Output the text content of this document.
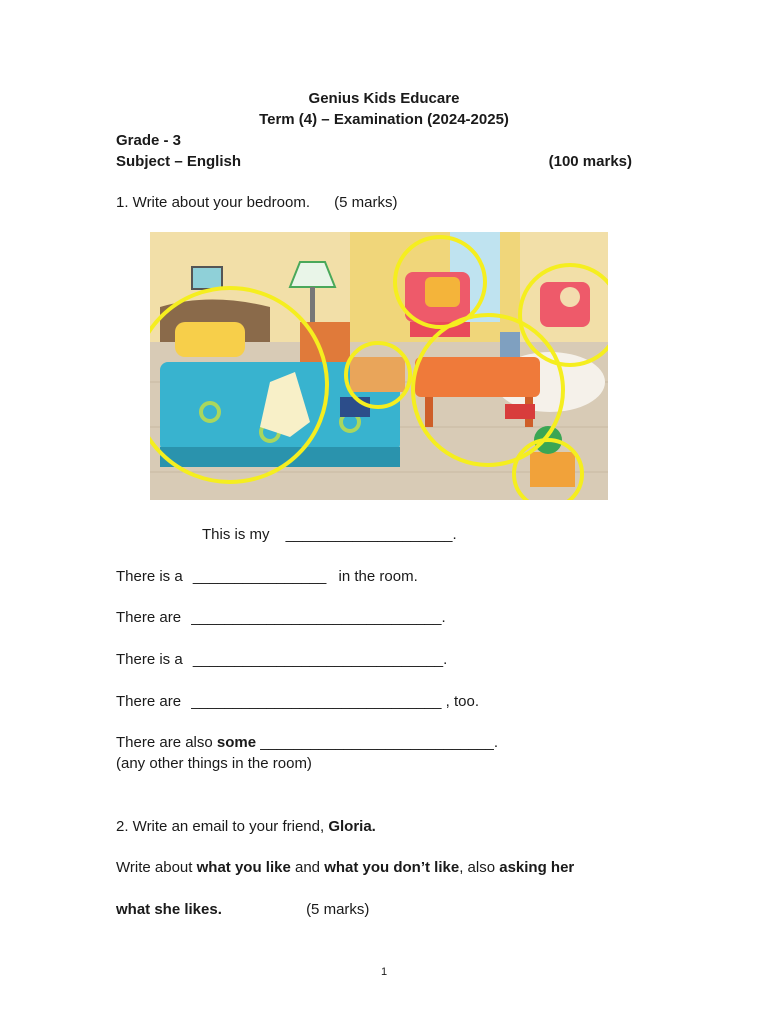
Genius Kids Educare
Term (4) – Examination (2024-2025)
Grade - 3
Subject – English	(100 marks)
1. Write about your bedroom. (5 marks)
This is my ____________________.
There is a ________________ in the room.
There are ______________________________.
There is a ______________________________.
There are ______________________________ , too.
There are also some ____________________________.
(any other things in the room)
2. Write an email to your friend, Gloria.
Write about what you like and what you don’t like, also asking her
what she likes.	(5 marks)
1
